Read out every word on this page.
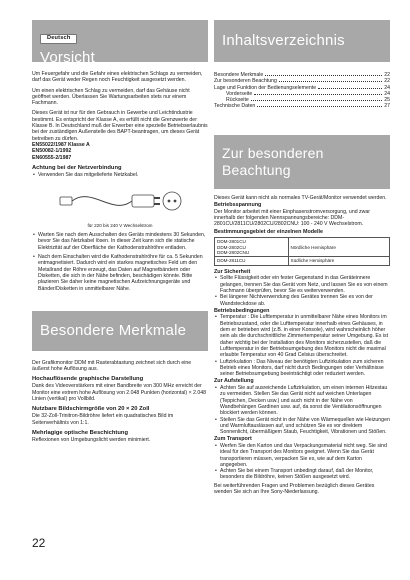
Deutsch
Vorsicht

Um Feuergefahr und die Gefahr eines elektrischen Schlags zu vermeiden, darf das Gerät weder Regen noch Feuchtigkeit ausgesetzt werden.

Um einen elektrischen Schlag zu vermeiden, darf das Gehäuse nicht geöffnet werden. Überlassen Sie Wartungsarbeiten stets nur einem Fachmann.

Dieses Gerät ist nur für den Gebrauch in Gewerbe und Leichtindustrie bestimmt. Es entspricht der Klasse A, es erfüllt nicht die Grenzwerte der Klasse B. In Deutschland muß der Erwerber eine spezielle Betriebserlaubnis bei der zuständigen Außenstelle des BAPT-beantragen, um dieses Gerät betreiben zu dürfen.

EN55022/1987 Klasse A

EN50082-1/1992

EN60555-2/1987

Achtung bei der Netzverbindung
• Verwenden Sie das mitgelieferte Netzkabel.
für 220 bis 240 V Wechselstrom
• Warten Sie nach dem Ausschalten des Geräts mindestens 30 Sekunden, bevor Sie das Netzkabel lösen. In dieser Zeit kann sich die statische Elektrizität auf der Oberfläche der Kathodenstrahlröhre entladen.
• Nach dem Einschalten wird die Kathodenstrahlröhre für ca. 5 Sekunden entmagnetisiert. Dadurch wird ein starkes magnetisches Feld um den Metallrand der Röhre erzeugt, das Daten auf Magnetbändern oder Disketten, die sich in der Nähe befinden, beschädigen könnte. Bitte plazieren Sie daher keine magnetischen Aufzeichnungsgeräte und Bänder/Disketten in unmittelbarer Nähe.
Besondere Merkmale

Der Grafikmonitor DDM mit Rasterabtastung zeichnet sich durch eine äußerst hohe Auflösung aus.

Hochauflösende graphische Darstellung

Dank des Videoverstärkers mit einer Bandbreite von 300 MHz erreicht der Monitor eine extrem hohe Auflösung von 2.048 Punkten (horizontal) × 2.048 Linien (vertikal) pro Vollbild.

Nutzbare Bildschirmgröße von 20 × 20 Zoll

Die 32-Zoll-Trinitron-Bildröhre liefert ein quadratisches Bild im Seitenverhältnis von 1:1.

Mehrlagige optische Beschichtung

Reflexionen von Umgebungslicht werden minimiert.

Inhaltsverzeichnis
Besondere Merkmale	22
Zur besonderen Beachtung	22
Lage und Funktion der Bedienungselemente	24
Vorderseite	24
Rückseite	25
Technische Daten	27
Zur besonderen
Beachtung

Dieses Gerät kann nicht als normales TV-Gerät/Monitor verwendet werden.

Betriebsspannung

Der Monitor arbeitet mit einer Einphasenstromversorgung, und zwar innerhalb der folgenden Nennspannungsbereiche: DDM-2801CU/2811CU/2802CU/2802CNU: 100 - 240 V Wechselstrom.

Bestimmungsgebiet der einzelnen Modelle
DDM-2801CU
DDM-2802CU
DDM-2802CNU	Nördliche Hemisphäre
DDM-2811CU	Südliche Hemisphäre
Zur Sicherheit
• Sollte Flüssigkeit oder ein fester Gegenstand in das Geräteinnere gelangen, trennen Sie das Gerät vom Netz, und lassen Sie es von einem Fachmann überprüfen, bevor Sie es weiterverwenden.
• Bei längerer Nichtverwendung des Gerätes trennen Sie es von der Wandsteckdose ab.
Betriebsbedingungen
• Temperatur : Die Lufttemperatur in unmittelbarer Nähe eines Monitors im Betriebszustand, oder die Lufttemperatur innerhalb eines Gehäuses, in dem er betrieben wird (z.B. in einer Konsole), wird wahrscheinlich höher sein als die durchschnittliche Zimmertemperatur seiner Umgebung. Es ist daher wichtig bei der Installation des Monitors sicherzustellen, daß die Lufttemperatur in der Betriebsumgebung des Monitors nicht die maximal erlaubte Temperatur von 40 Grad Celsius überschreitet.
• Luftzirkulation : Das Niveau der benötigten Luftzirkulation zum sicheren Betrieb eines Monitors, darf nicht durch Bedingungen oder Verhältnisse seiner Betriebsumgebung beeinträchtigt oder reduziert werden.
Zur Aufstellung
• Achten Sie auf ausreichende Luftzirkulation, um einen internen Hitzestau zu vermeiden. Stellen Sie das Gerät nicht auf weichen Unterlagen (Teppichen, Decken usw.) und auch nicht in der Nähe von Wandbehängen Gardinen usw. auf, da sonst die Ventilationsöffnungen blockiert werden können.
• Stellen Sie das Gerät nicht in der Nähe von Wärmequellen wie Heizungen und Warmluftauslässen auf, und schützen Sie es vor direktem Sonnenlicht, übermäßigem Staub, Feuchtigkeit, Vibrationen und Stößen.
Zum Transport
• Werfen Sie den Karton und das Verpackungsmaterial nicht weg. Sie sind ideal für den Transport des Monitors geeignet. Wenn Sie das Gerät transportieren müssen, verpacken Sie es, wie auf dem Karton angegeben.
• Achten Sie bei einem Transport unbedingt darauf, daß der Monitor, besonders die Bildröhre, keinen Stößen ausgesetzt wird.

Bei weiterführenden Fragen und Problemen bezüglich dieses Gerätes wenden Sie sich an Ihre Sony-Niederlassung.

22
